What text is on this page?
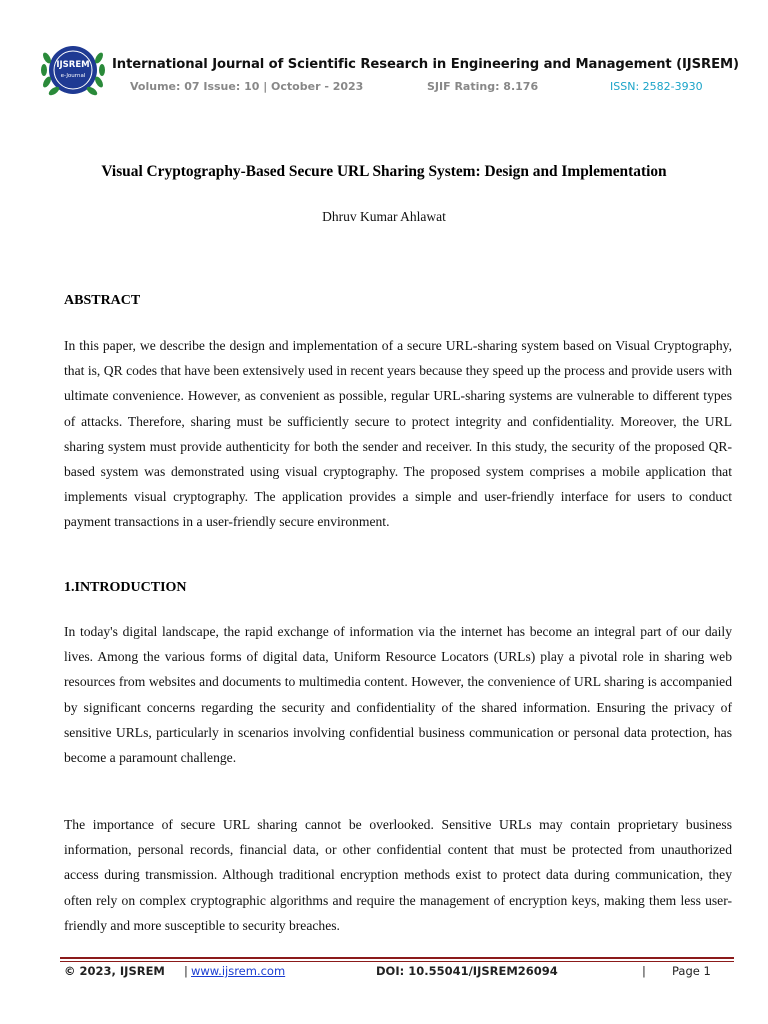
IJSREM
e-Journal
International Journal of Scientific Research in Engineering and Management (IJSREM)
Volume: 07 Issue: 10 | October - 2023	SJIF Rating: 8.176	ISSN: 2582-3930
Visual Cryptography-Based Secure URL Sharing System: Design and Implementation
Dhruv Kumar Ahlawat
ABSTRACT
In this paper, we describe the design and implementation of a secure URL-sharing system based on Visual Cryptography, that is, QR codes that have been extensively used in recent years because they speed up the process and provide users with ultimate convenience. However, as convenient as possible, regular URL-sharing systems are vulnerable to different types of attacks. Therefore, sharing must be sufficiently secure to protect integrity and confidentiality. Moreover, the URL sharing system must provide authenticity for both the sender and receiver. In this study, the security of the proposed QR-based system was demonstrated using visual cryptography. The proposed system comprises a mobile application that implements visual cryptography. The application provides a simple and user-friendly interface for users to conduct payment transactions in a user-friendly secure environment.
1.INTRODUCTION
In today's digital landscape, the rapid exchange of information via the internet has become an integral part of our daily lives. Among the various forms of digital data, Uniform Resource Locators (URLs) play a pivotal role in sharing web resources from websites and documents to multimedia content. However, the convenience of URL sharing is accompanied by significant concerns regarding the security and confidentiality of the shared information. Ensuring the privacy of sensitive URLs, particularly in scenarios involving confidential business communication or personal data protection, has become a paramount challenge.
The importance of secure URL sharing cannot be overlooked. Sensitive URLs may contain proprietary business information, personal records, financial data, or other confidential content that must be protected from unauthorized access during transmission. Although traditional encryption methods exist to protect data during communication, they often rely on complex cryptographic algorithms and require the management of encryption keys, making them less user-friendly and more susceptible to security breaches.
© 2023, IJSREM | www.ijsrem.com	DOI: 10.55041/IJSREM26094	| Page 1
